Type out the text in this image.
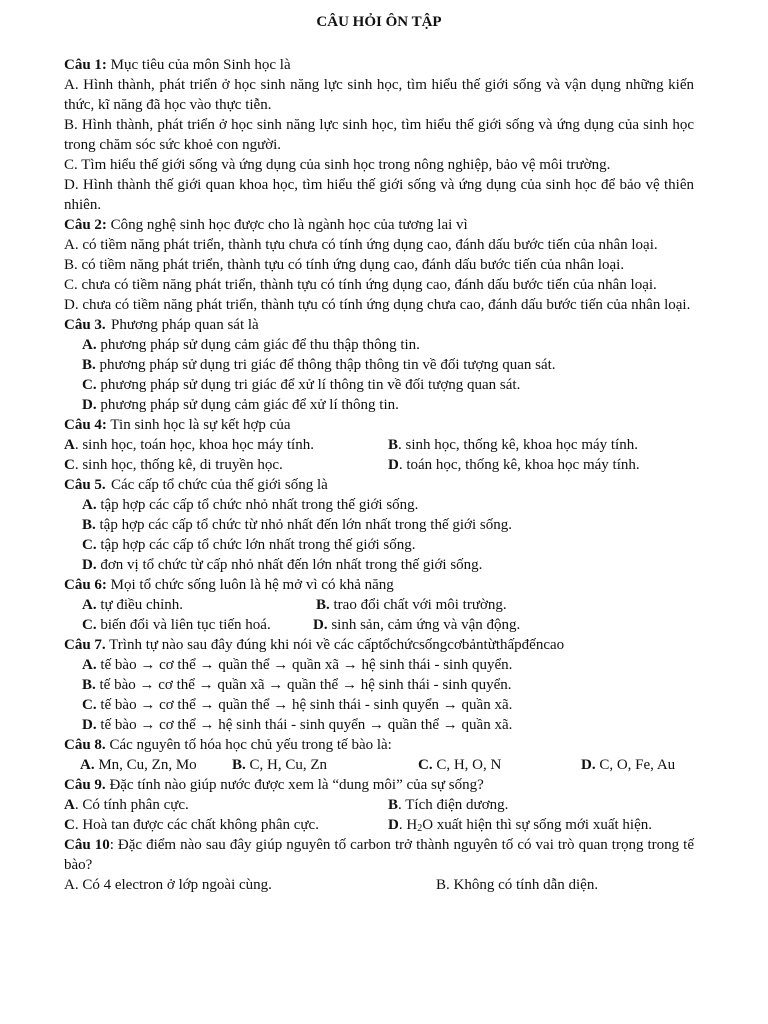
CÂU HỎI ÔN TẬP

Câu 1: Mục tiêu của môn Sinh học là

A. Hình thành, phát triển ở học sinh năng lực sinh học, tìm hiểu thế giới sống và vận dụng những kiến thức, kĩ năng đã học vào thực tiễn.

B. Hình thành, phát triển ở học sinh năng lực sinh học, tìm hiểu thế giới sống và ứng dụng của sinh học trong chăm sóc sức khoẻ con người.

C. Tìm hiểu thế giới sống và ứng dụng của sinh học trong nông nghiệp, bảo vệ môi trường.

D. Hình thành thế giới quan khoa học, tìm hiểu thế giới sống và ứng dụng của sinh học để bảo vệ thiên nhiên.

Câu 2: Công nghệ sinh học được cho là ngành học của tương lai vì

A. có tiềm năng phát triển, thành tựu chưa có tính ứng dụng cao, đánh dấu bước tiến của nhân loại.

B. có tiềm năng phát triển, thành tựu có tính ứng dụng cao, đánh dấu bước tiến của nhân loại.

C. chưa có tiềm năng phát triển, thành tựu có tính ứng dụng cao, đánh dấu bước tiến của nhân loại.

D. chưa có tiềm năng phát triển, thành tựu có tính ứng dụng chưa cao, đánh dấu bước tiến của nhân loại.

Câu 3. Phương pháp quan sát là

A. phương pháp sử dụng cảm giác để thu thập thông tin.

B. phương pháp sử dụng tri giác để thông thập thông tin về đối tượng quan sát.

C. phương pháp sử dụng tri giác để xử lí thông tin về đối tượng quan sát.

D. phương pháp sử dụng cảm giác để xử lí thông tin.

Câu 4: Tin sinh học là sự kết hợp của

A. sinh học, toán học, khoa học máy tính.	B. sinh học, thống kê, khoa học máy tính.
C. sinh học, thống kê, di truyền học.	D. toán học, thống kê, khoa học máy tính.

Câu 5. Các cấp tổ chức của thế giới sống là

A. tập hợp các cấp tổ chức nhỏ nhất trong thế giới sống.

B. tập hợp các cấp tổ chức từ nhỏ nhất đến lớn nhất trong thế giới sống.

C. tập hợp các cấp tổ chức lớn nhất trong thế giới sống.

D. đơn vị tổ chức từ cấp nhỏ nhất đến lớn nhất trong thế giới sống.

Câu 6: Mọi tổ chức sống luôn là hệ mở vì có khả năng

A. tự điều chỉnh.	B. trao đổi chất với môi trường.
C. biến đổi và liên tục tiến hoá.	D. sinh sản, cảm ứng và vận động.

Câu 7. Trình tự nào sau đây đúng khi nói về các cấptổchứcsốngcơbảntừthấpđếncao

A. tế bào → cơ thể → quần thể → quần xã → hệ sinh thái - sinh quyển.

B. tế bào → cơ thể → quần xã → quần thể → hệ sinh thái - sinh quyển.

C. tế bào → cơ thể → quần thể → hệ sinh thái - sinh quyển → quần xã.

D. tế bào → cơ thể → hệ sinh thái - sinh quyển → quần thể → quần xã.

Câu 8. Các nguyên tố hóa học chủ yếu trong tế bào là:

A. Mn, Cu, Zn, Mo	B. C, H, Cu, Zn	C. C, H, O, N	D. C, O, Fe, Au

Câu 9. Đặc tính nào giúp nước được xem là “dung môi” của sự sống?

A. Có tính phân cực.	B. Tích điện dương.
C. Hoà tan được các chất không phân cực.	D. $H_2O$ xuất hiện thì sự sống mới xuất hiện.

Câu 10: Đặc điểm nào sau đây giúp nguyên tố carbon trở thành nguyên tố có vai trò quan trọng trong tế bào?

A. Có 4 electron ở lớp ngoài cùng.	B. Không có tính dẫn diện.
